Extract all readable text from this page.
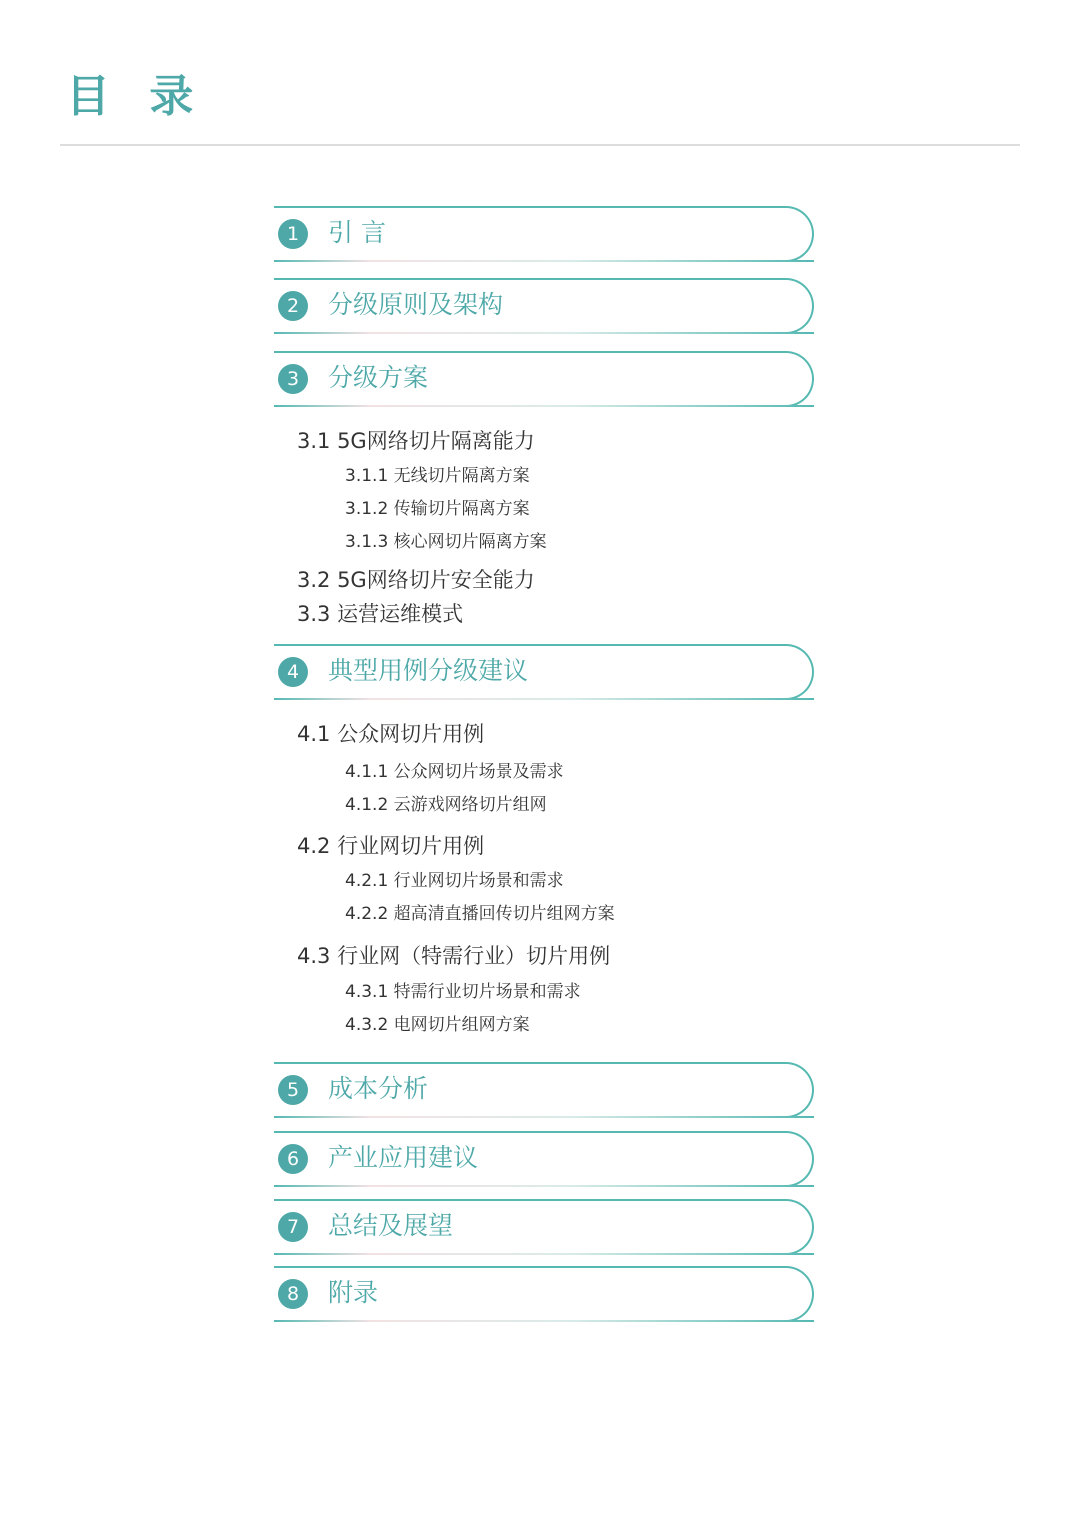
目 录
1	引 言
2	分级原则及架构
3	分级方案
3.1 5G网络切片隔离能力
3.1.1 无线切片隔离方案
3.1.2 传输切片隔离方案
3.1.3 核心网切片隔离方案
3.2 5G网络切片安全能力
3.3 运营运维模式
4	典型用例分级建议
4.1 公众网切片用例
4.1.1 公众网切片场景及需求
4.1.2 云游戏网络切片组网
4.2 行业网切片用例
4.2.1 行业网切片场景和需求
4.2.2 超高清直播回传切片组网方案
4.3 行业网（特需行业）切片用例
4.3.1 特需行业切片场景和需求
4.3.2 电网切片组网方案
5	成本分析
6	产业应用建议
7	总结及展望
8	附录
